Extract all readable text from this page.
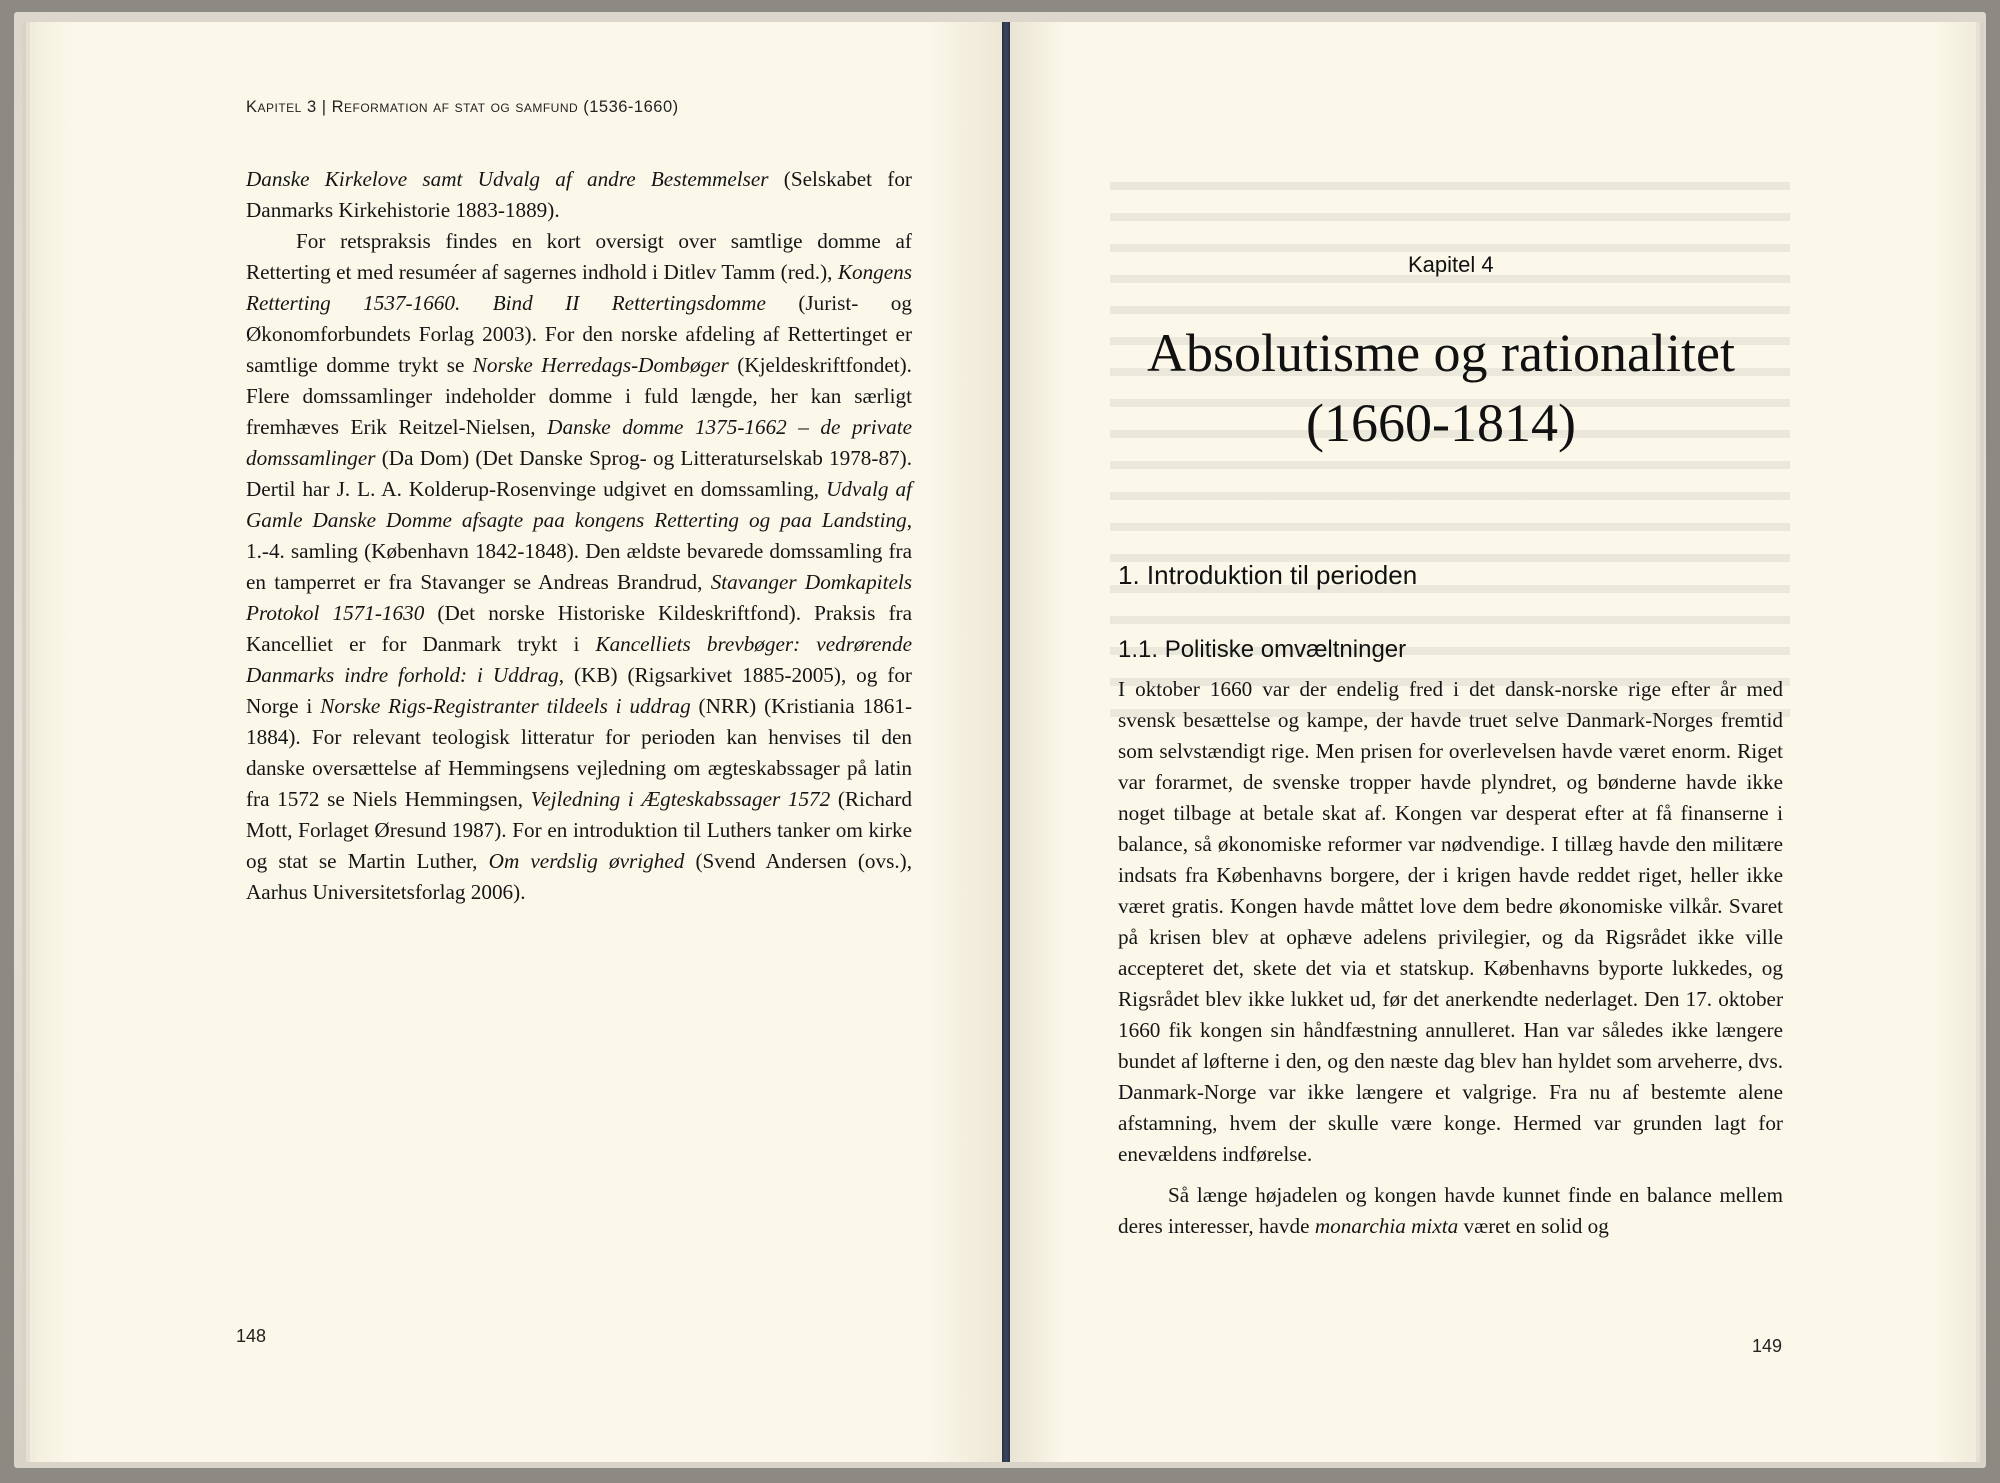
Kapitel 3 | Reformation af stat og samfund (1536-1660)

Danske Kirkelove samt Udvalg af andre Bestemmelser (Selskabet for Danmarks Kirkehistorie 1883-1889).

For retspraksis findes en kort oversigt over samtlige domme af Retterting et med resuméer af sagernes indhold i Ditlev Tamm (red.), Kongens Retterting 1537-1660. Bind II Rettertingsdomme (Jurist- og Økonomforbundets Forlag 2003). For den norske afdeling af Rettertinget er samtlige domme trykt se Norske Herredags-Dombøger (Kjeldeskriftfondet). Flere domssamlinger indeholder domme i fuld længde, her kan særligt fremhæves Erik Reitzel-Nielsen, Danske domme 1375-1662 – de private domssamlinger (Da Dom) (Det Danske Sprog- og Litteraturselskab 1978-87). Dertil har J. L. A. Kolderup-Rosenvinge udgivet en domssamling, Udvalg af Gamle Danske Domme afsagte paa kongens Retterting og paa Landsting, 1.-4. samling (København 1842-1848). Den ældste bevarede domssamling fra en tamperret er fra Stavanger se Andreas Brandrud, Stavanger Domkapitels Protokol 1571-1630 (Det norske Historiske Kildeskriftfond). Praksis fra Kancelliet er for Danmark trykt i Kancelliets brevbøger: vedrørende Danmarks indre forhold: i Uddrag, (KB) (Rigsarkivet 1885-2005), og for Norge i Norske Rigs-Registranter tildeels i uddrag (NRR) (Kristiania 1861-1884). For relevant teologisk litteratur for perioden kan henvises til den danske oversættelse af Hemmingsens vejledning om ægteskabssager på latin fra 1572 se Niels Hemmingsen, Vejledning i Ægteskabssager 1572 (Richard Mott, Forlaget Øresund 1987). For en introduktion til Luthers tanker om kirke og stat se Martin Luther, Om verdslig øvrighed (Svend Andersen (ovs.), Aarhus Universitetsforlag 2006).

148
Kapitel 4
Absolutisme og rationalitet
(1660-1814)
1. Introduktion til perioden
1.1. Politiske omvæltninger

I oktober 1660 var der endelig fred i det dansk-norske rige efter år med svensk besættelse og kampe, der havde truet selve Danmark-Norges fremtid som selvstændigt rige. Men prisen for overlevelsen havde været enorm. Riget var forarmet, de svenske tropper havde plyndret, og bønderne havde ikke noget tilbage at betale skat af. Kongen var desperat efter at få finanserne i balance, så økonomiske reformer var nødvendige. I tillæg havde den militære indsats fra Københavns borgere, der i krigen havde reddet riget, heller ikke været gratis. Kongen havde måttet love dem bedre økonomiske vilkår. Svaret på krisen blev at ophæve adelens privilegier, og da Rigsrådet ikke ville accepteret det, skete det via et statskup. Københavns byporte lukkedes, og Rigsrådet blev ikke lukket ud, før det anerkendte nederlaget. Den 17. oktober 1660 fik kongen sin håndfæstning annulleret. Han var således ikke længere bundet af løfterne i den, og den næste dag blev han hyldet som arveherre, dvs. Danmark-Norge var ikke længere et valgrige. Fra nu af bestemte alene afstamning, hvem der skulle være konge. Hermed var grunden lagt for enevældens indførelse.

Så længe højadelen og kongen havde kunnet finde en balance mellem deres interesser, havde monarchia mixta været en solid og

149
